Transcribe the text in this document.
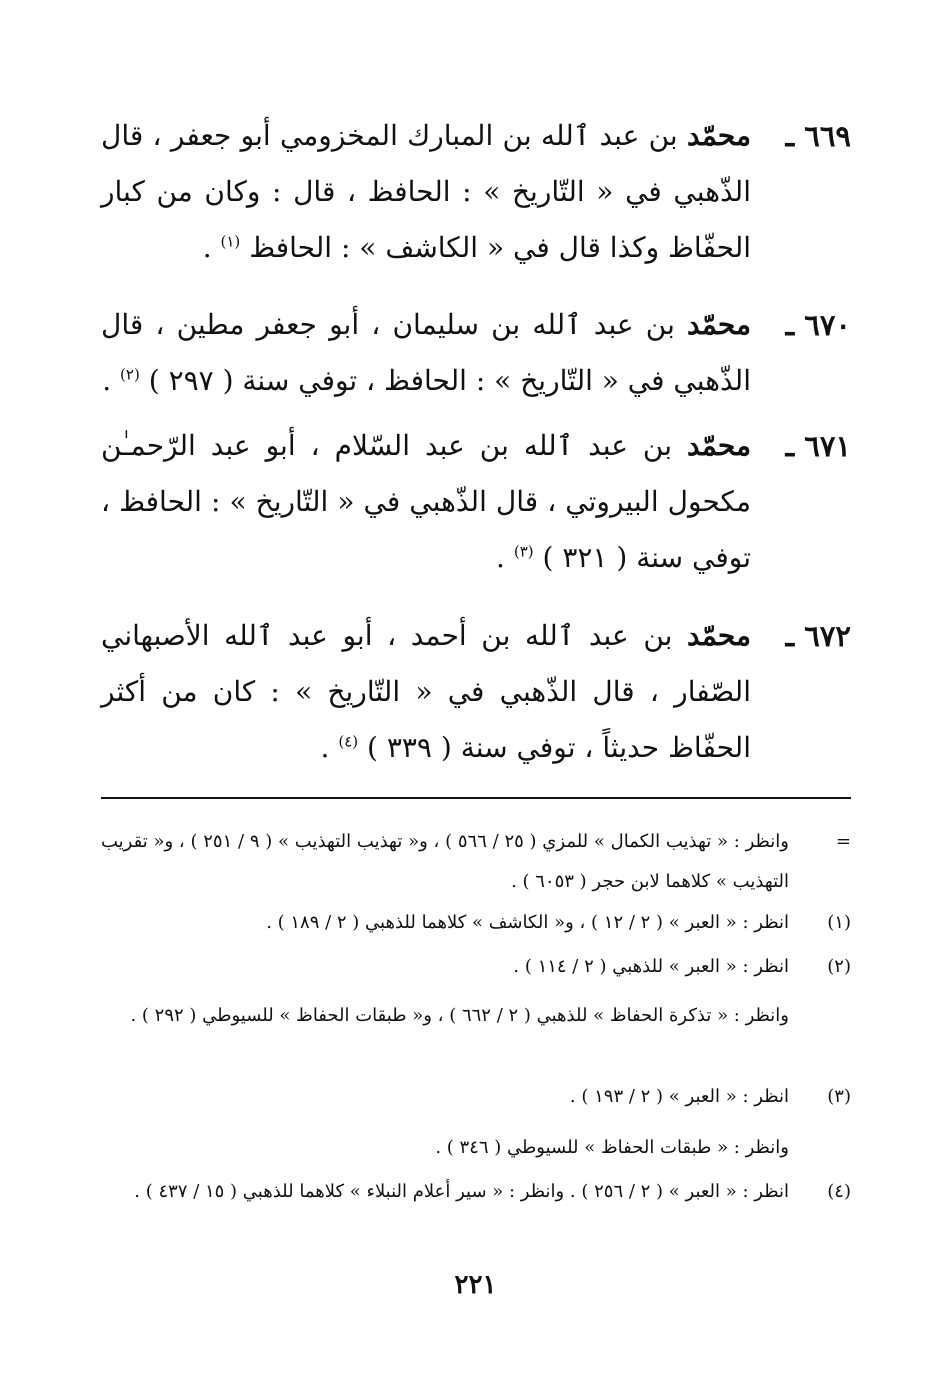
٦٦٩ ـ
محمّد بن عبد ٱلله بن المبارك المخزومي أبو جعفر ، قال الذّهبي في « التّاريخ » : الحافظ ، قال : وكان من كبار الحفّاظ وكذا قال في « الكاشف » : الحافظ $^{(١)}$ .
٦٧٠ ـ
محمّد بن عبد ٱلله بن سليمان ، أبو جعفر مطين ، قال الذّهبي في « التّاريخ » : الحافظ ، توفي سنة ( ٢٩٧ ) $^{(٢)}$ .
٦٧١ ـ
محمّد بن عبد ٱلله بن عبد السّلام ، أبو عبد الرّحمـٰن مكحول البيروتي ، قال الذّهبي في « التّاريخ » : الحافظ ، توفي سنة ( ٣٢١ ) $^{(٣)}$ .
٦٧٢ ـ
محمّد بن عبد ٱلله بن أحمد ، أبو عبد ٱلله الأصبهاني الصّفار ، قال الذّهبي في « التّاريخ » : كان من أكثر الحفّاظ حديثاً ، توفي سنة ( ٣٣٩ ) $^{(٤)}$ .
=
وانظر : « تهذيب الكمال » للمزي ( ٢٥ / ٥٦٦ ) ، و« تهذيب التهذيب » ( ٩ / ٢٥١ ) ، و« تقريب التهذيب » كلاهما لابن حجر ( ٦٠٥٣ ) .
(١)
انظر : « العبر » ( ٢ / ١٢ ) ، و« الكاشف » كلاهما للذهبي ( ٢ / ١٨٩ ) .
(٢)
انظر : « العبر » للذهبي ( ٢ / ١١٤ ) .
وانظر : « تذكرة الحفاظ » للذهبي ( ٢ / ٦٦٢ ) ، و« طبقات الحفاظ » للسيوطي ( ٢٩٢ ) .
(٣)
انظر : « العبر » ( ٢ / ١٩٣ ) .
وانظر : « طبقات الحفاظ » للسيوطي ( ٣٤٦ ) .
(٤)
انظر : « العبر » ( ٢ / ٢٥٦ ) . وانظر : « سير أعلام النبلاء » كلاهما للذهبي ( ١٥ / ٤٣٧ ) .
٢٢١
